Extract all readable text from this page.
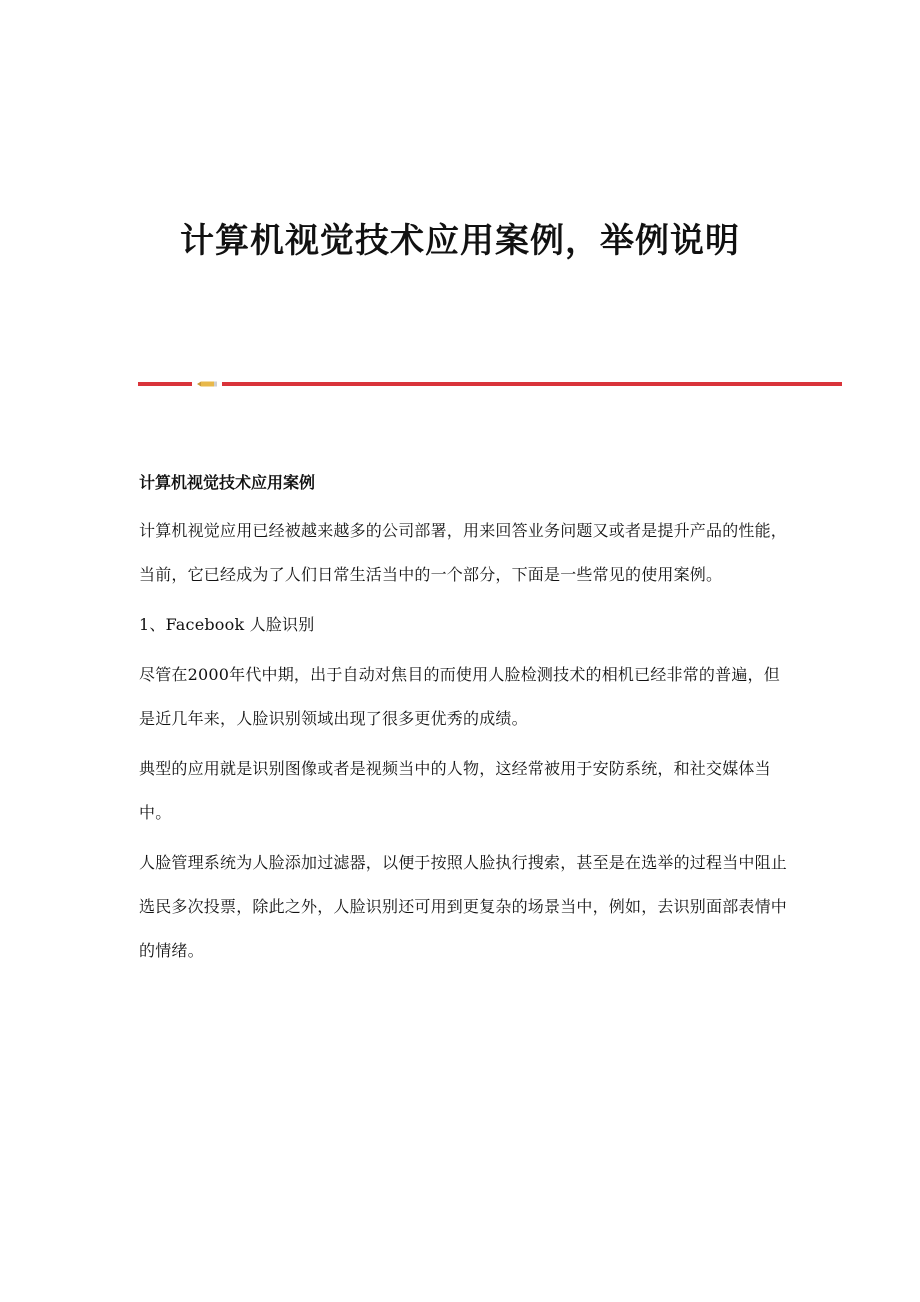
计算机视觉技术应用案例，举例说明

计算机视觉技术应用案例

计算机视觉应用已经被越来越多的公司部署，用来回答业务问题又或者是提升产品的性能，当前，它已经成为了人们日常生活当中的一个部分，下面是一些常见的使用案例。

1、Facebook 人脸识别

尽管在2000年代中期，出于自动对焦目的而使用人脸检测技术的相机已经非常的普遍，但是近几年来，人脸识别领域出现了很多更优秀的成绩。

典型的应用就是识别图像或者是视频当中的人物，这经常被用于安防系统，和社交媒体当中。

人脸管理系统为人脸添加过滤器，以便于按照人脸执行搜索，甚至是在选举的过程当中阻止选民多次投票，除此之外，人脸识别还可用到更复杂的场景当中，例如，去识别面部表情中的情绪。
